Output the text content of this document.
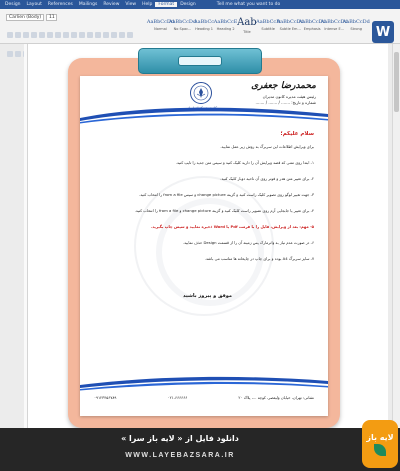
Design	Layout	References	Mailings	Review	View	Help	Format	Design	Tell me what you want to do
Carlien (Body)	11

AaBbCcDd
Normal
AaBbCcDd
No Spac...
AaBbCc
Heading 1
AaBbCcE
Heading 2
Aab
Title
AaBbCcD
Subtitle
AaBbCcDd
Subtle Em...
AaBbCcDd
Emphasis
AaBbCcDd
Intense E...
AaBbCcDd
Strong W
محمدرضا جعفری
رئیس هیئت مدیره کانون مدیران
شماره و تاریخ: ....... / ....... / .......
سلام علیکم؛
برای ویرایش اطلاعات این سربرگ به روش زیر عمل نمایید.
۱- ابتدا روی متنی که قصد ویرایش آن را دارید کلیک کنید و سپس متن جدید را تایپ کنید.
۲- برای تغییر متن هدر و فوتر روی آن ناحیه دوبار کلیک کنید.
۳- جهت تغییر لوگو روی تصویر کلیک راست کنید و گزینه change picture و سپس from a file را انتخاب کنید.
۴- برای تغییر یا جابجایی آرم روی تصویر راست کلیک کنید و گزینه change picture و from a file را انتخاب کنید.
۵- مهم: بعد از ویرایش، فایل را با فرمت Pdf یا Word ذخیره نمایید و سپس چاپ بگیرید.
۶- در صورت عدم نیاز به واترمارک پس زمینه آن را از قسمت Design حذف نمایید.
۷- سایز سربرگ A4 بوده و برای چاپ در چاپخانه ها مناسب می باشد.
موفق و پیروز باشید
نشانی: تهران، خیابان ولیعصر، کوچه ...، پلاک ۲۰
۰۲۱-۶۶۶۶۶۶
۰۹۱۲۳۴۵۶۷۸۹
دانلود فایل از « لایه باز سرا »
WWW.LAYEBAZSARA.IR
لایه باز
